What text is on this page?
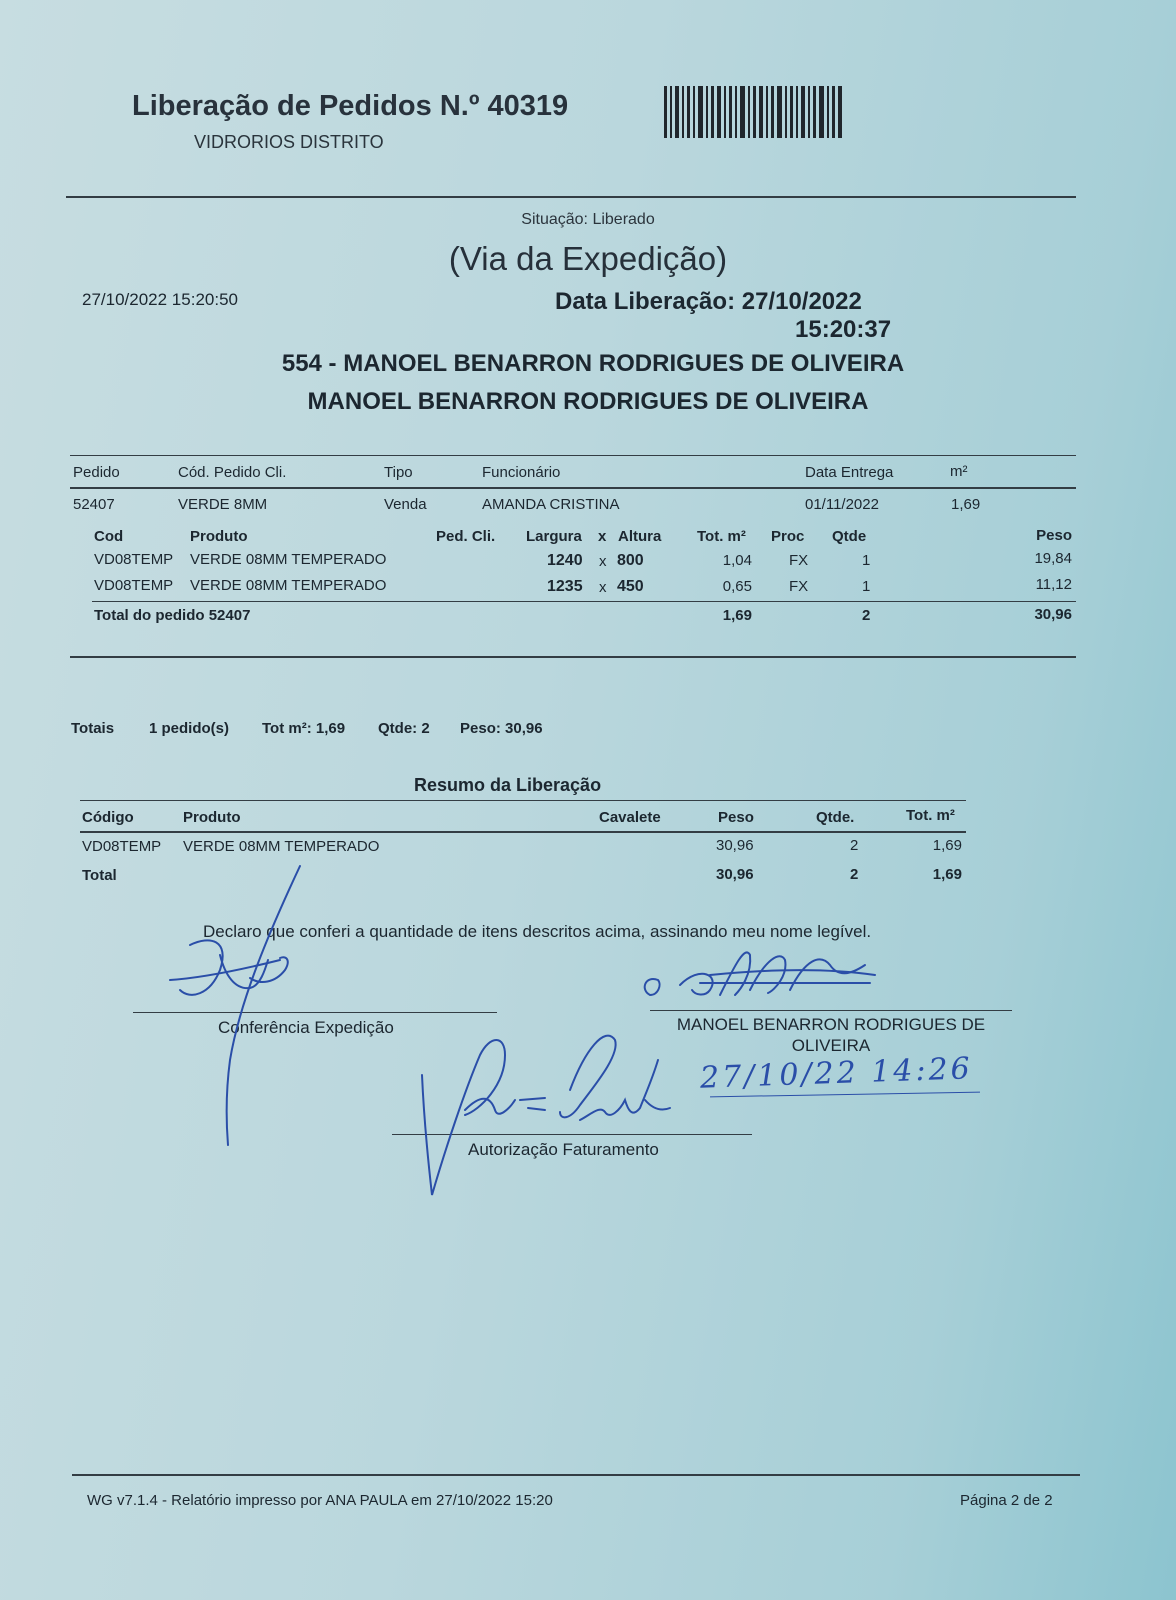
Liberação de Pedidos N.º 40319
VIDRORIOS DISTRITO
Situação: Liberado
(Via da Expedição)
27/10/2022 15:20:50	Data Liberação: 27/10/2022
15:20:37
554 - MANOEL BENARRON RODRIGUES DE OLIVEIRA
MANOEL BENARRON RODRIGUES DE OLIVEIRA
Pedido	Cód. Pedido Cli.	Tipo	Funcionário	Data Entrega	m²
52407	VERDE 8MM	Venda	AMANDA CRISTINA	01/11/2022	1,69
Cod	Produto	Ped. Cli. Largura x Altura Tot. m² Proc Qtde	Peso
VD08TEMP VERDE 08MM TEMPERADO	1240 x 800	1,04 FX	1	19,84
VD08TEMP VERDE 08MM TEMPERADO	1235 x 450	0,65 FX	1	11,12
Total do pedido 52407	1,69	2	30,96
Totais 1 pedido(s) Tot m²: 1,69 Qtde: 2 Peso: 30,96
Resumo da Liberação
Código	Produto	Cavalete	Peso	Qtde.	Tot. m²
VD08TEMP VERDE 08MM TEMPERADO	30,96	2	1,69
Total	30,96	2	1,69
Declaro que conferi a quantidade de itens descritos acima, assinando meu nome legível.
Conferência Expedição	MANOEL BENARRON RODRIGUES DE
OLIVEIRA
Autorização Faturamento
27/10/22 14:26
WG v7.1.4 - Relatório impresso por ANA PAULA em 27/10/2022 15:20	Página 2 de 2
